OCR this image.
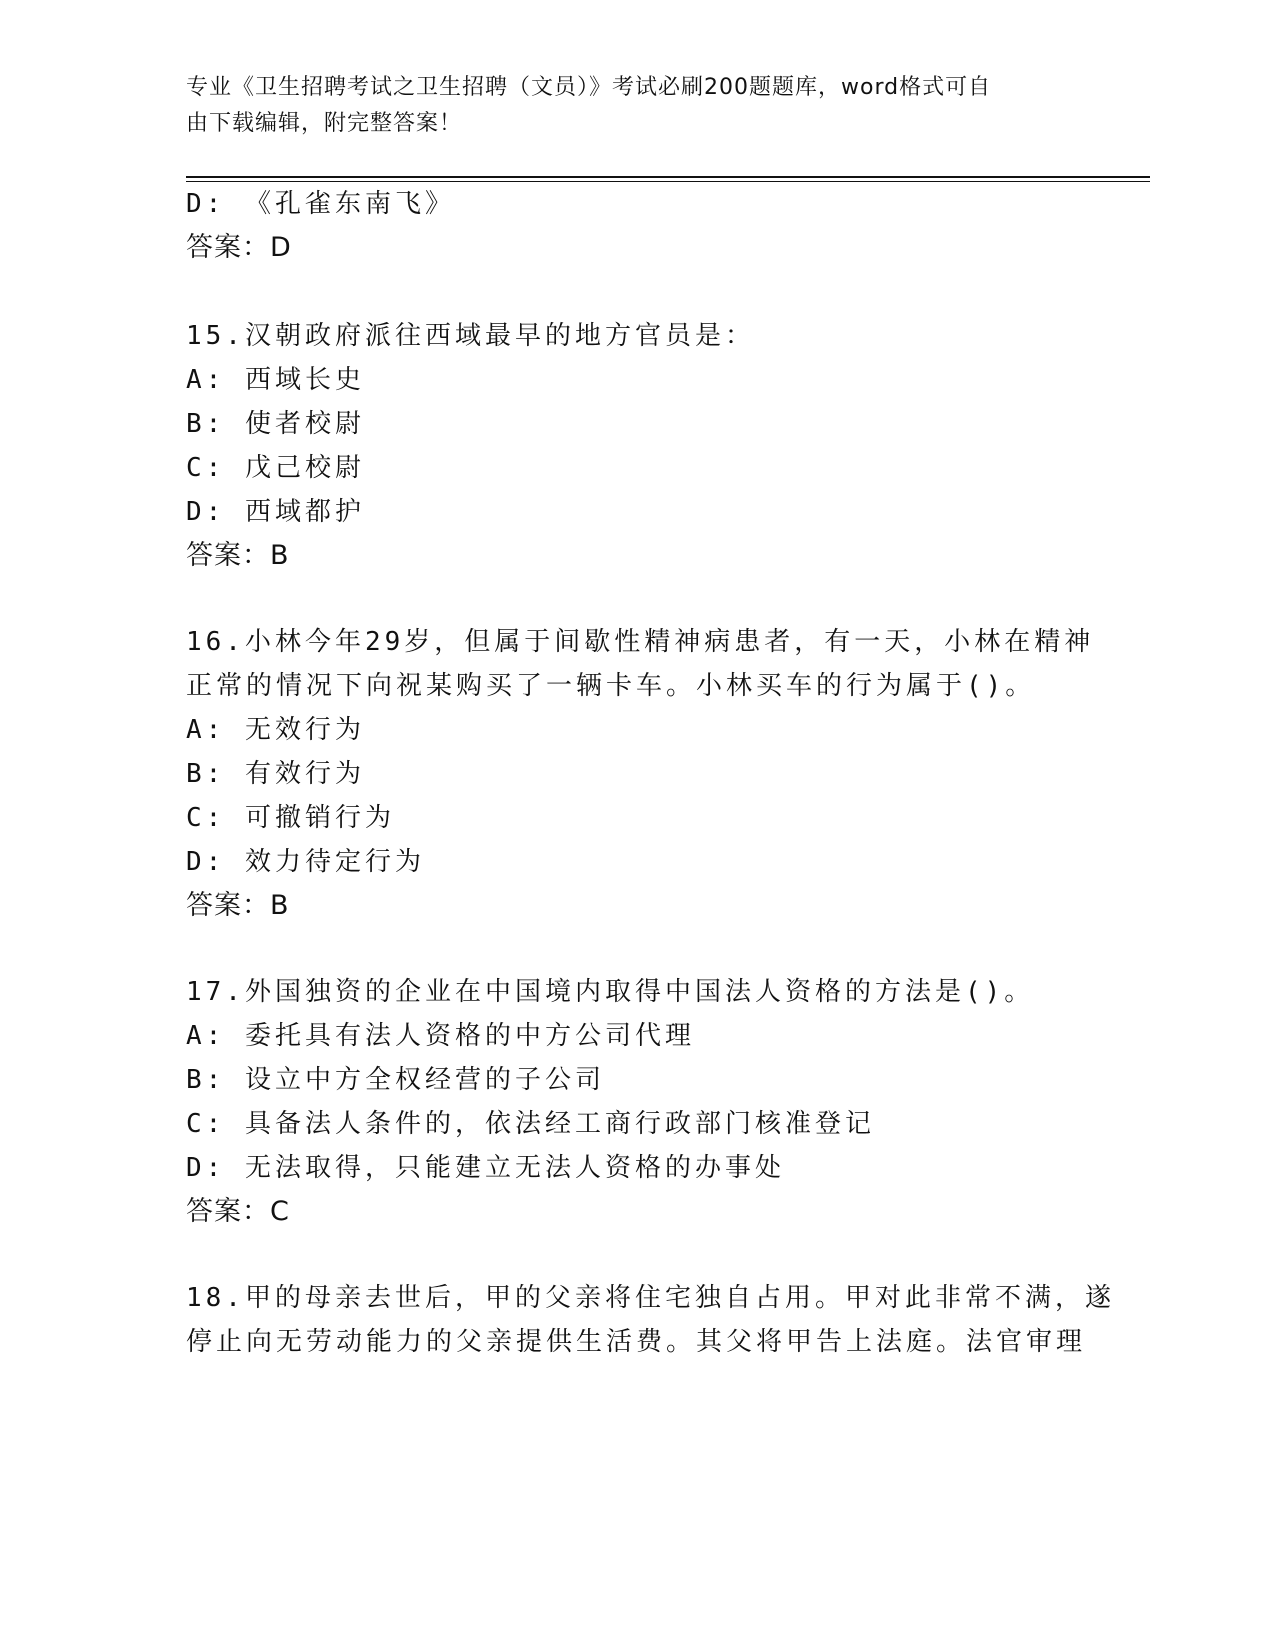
专业《卫生招聘考试之卫生招聘（文员）》考试必刷200题题库，word格式可自
由下载编辑，附完整答案！
D: 《孔雀东南飞》
答案：D
15.汉朝政府派往西域最早的地方官员是：
A: 西域长史
B: 使者校尉
C: 戊己校尉
D: 西域都护
答案：B
16.小林今年29岁，但属于间歇性精神病患者，有一天，小林在精神
正常的情况下向祝某购买了一辆卡车。小林买车的行为属于()。
A: 无效行为
B: 有效行为
C: 可撤销行为
D: 效力待定行为
答案：B
17.外国独资的企业在中国境内取得中国法人资格的方法是()。
A: 委托具有法人资格的中方公司代理
B: 设立中方全权经营的子公司
C: 具备法人条件的，依法经工商行政部门核准登记
D: 无法取得，只能建立无法人资格的办事处
答案：C
18.甲的母亲去世后，甲的父亲将住宅独自占用。甲对此非常不满，遂
停止向无劳动能力的父亲提供生活费。其父将甲告上法庭。法官审理
